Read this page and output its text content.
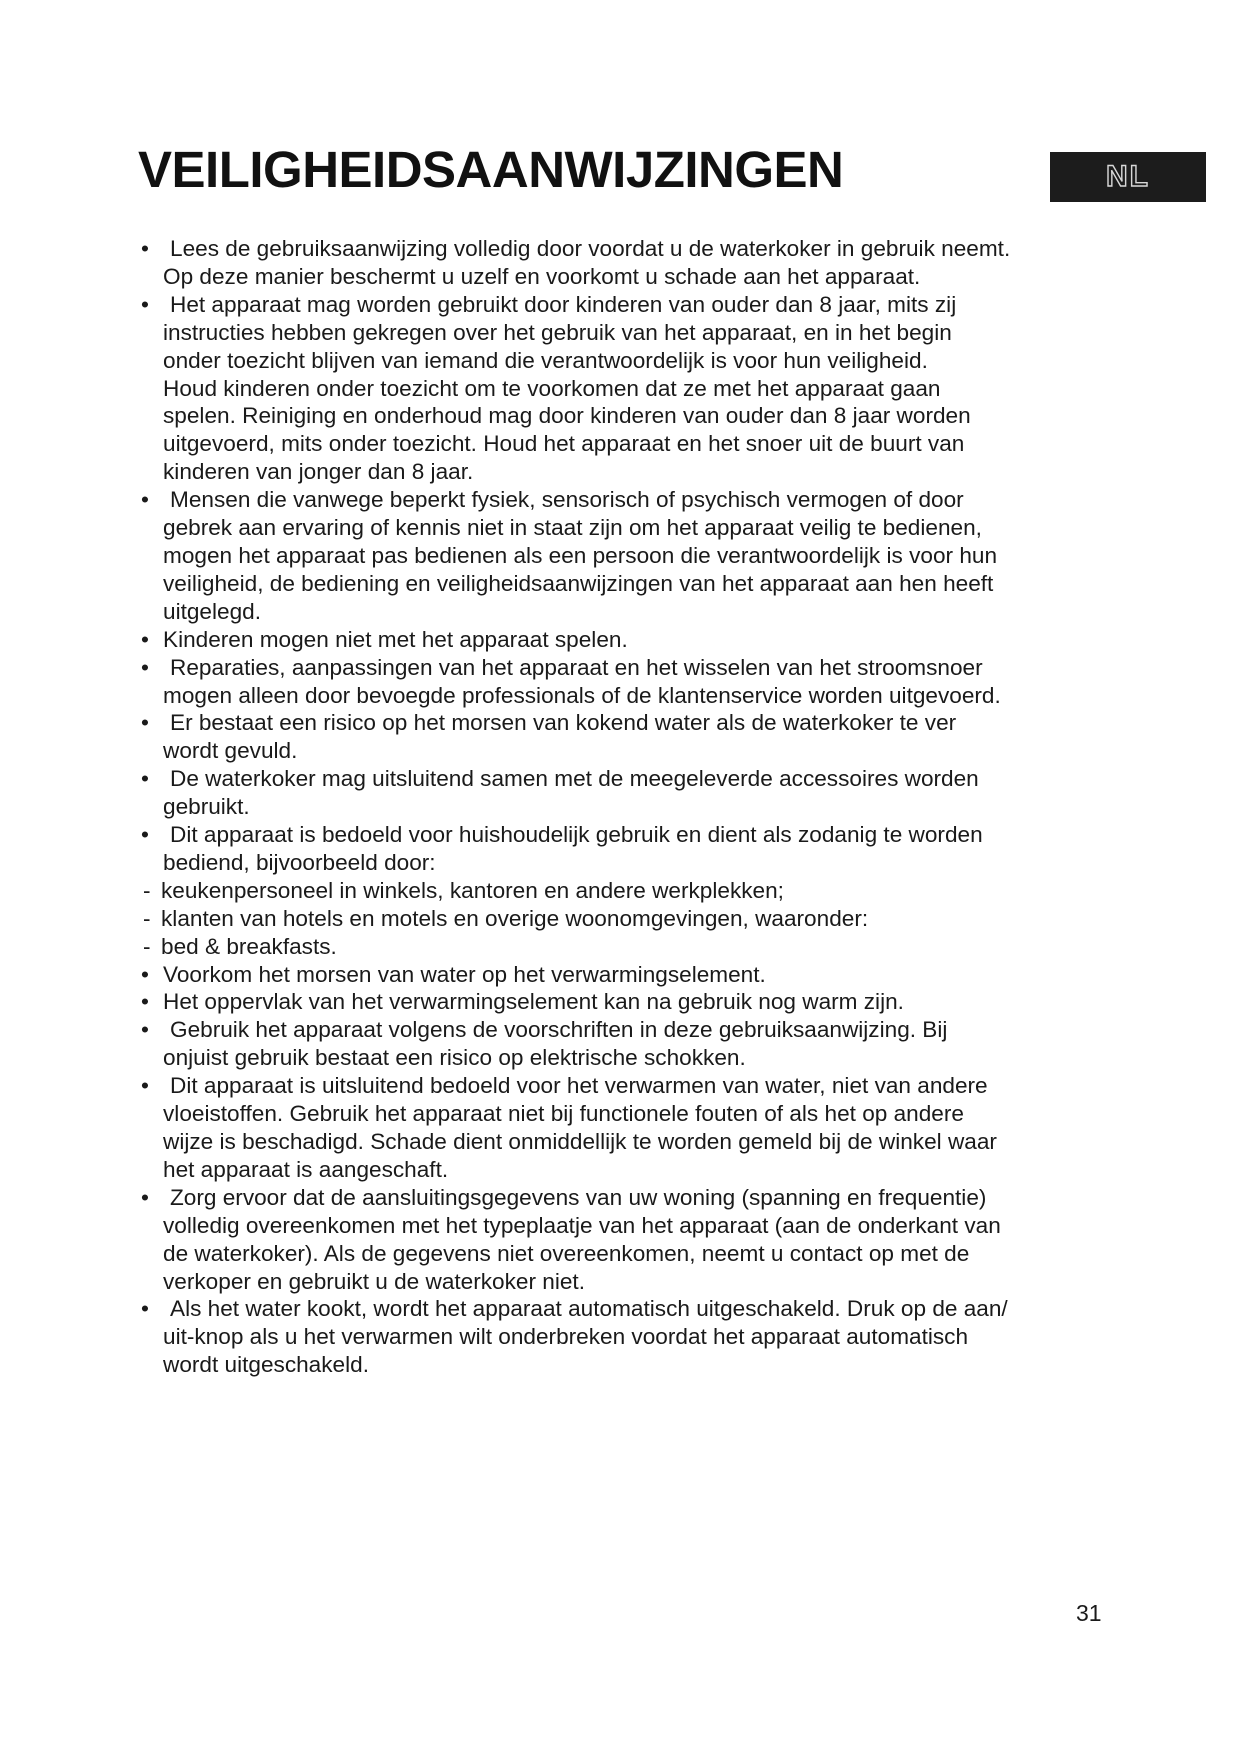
VEILIGHEIDSAANWIJZINGEN	NL
• Lees de gebruiksaanwijzing volledig door voordat u de waterkoker in gebruik neemt.
Op deze manier beschermt u uzelf en voorkomt u schade aan het apparaat.
• Het apparaat mag worden gebruikt door kinderen van ouder dan 8 jaar, mits zij
instructies hebben gekregen over het gebruik van het apparaat, en in het begin
onder toezicht blijven van iemand die verantwoordelijk is voor hun veiligheid.
Houd kinderen onder toezicht om te voorkomen dat ze met het apparaat gaan
spelen. Reiniging en onderhoud mag door kinderen van ouder dan 8 jaar worden
uitgevoerd, mits onder toezicht. Houd het apparaat en het snoer uit de buurt van
kinderen van jonger dan 8 jaar.
• Mensen die vanwege beperkt fysiek, sensorisch of psychisch vermogen of door
gebrek aan ervaring of kennis niet in staat zijn om het apparaat veilig te bedienen,
mogen het apparaat pas bedienen als een persoon die verantwoordelijk is voor hun
veiligheid, de bediening en veiligheidsaanwijzingen van het apparaat aan hen heeft
uitgelegd.
• Kinderen mogen niet met het apparaat spelen.
• Reparaties, aanpassingen van het apparaat en het wisselen van het stroomsnoer
mogen alleen door bevoegde professionals of de klantenservice worden uitgevoerd.
• Er bestaat een risico op het morsen van kokend water als de waterkoker te ver
wordt gevuld.
• De waterkoker mag uitsluitend samen met de meegeleverde accessoires worden
gebruikt.
• Dit apparaat is bedoeld voor huishoudelijk gebruik en dient als zodanig te worden
bediend, bijvoorbeeld door:
- keukenpersoneel in winkels, kantoren en andere werkplekken;
- klanten van hotels en motels en overige woonomgevingen, waaronder:
- bed & breakfasts.
• Voorkom het morsen van water op het verwarmingselement.
• Het oppervlak van het verwarmingselement kan na gebruik nog warm zijn.
• Gebruik het apparaat volgens de voorschriften in deze gebruiksaanwijzing. Bij
onjuist gebruik bestaat een risico op elektrische schokken.
• Dit apparaat is uitsluitend bedoeld voor het verwarmen van water, niet van andere
vloeistoffen. Gebruik het apparaat niet bij functionele fouten of als het op andere
wijze is beschadigd. Schade dient onmiddellijk te worden gemeld bij de winkel waar
het apparaat is aangeschaft.
• Zorg ervoor dat de aansluitingsgegevens van uw woning (spanning en frequentie)
volledig overeenkomen met het typeplaatje van het apparaat (aan de onderkant van
de waterkoker). Als de gegevens niet overeenkomen, neemt u contact op met de
verkoper en gebruikt u de waterkoker niet.
• Als het water kookt, wordt het apparaat automatisch uitgeschakeld. Druk op de aan/
uit-knop als u het verwarmen wilt onderbreken voordat het apparaat automatisch
wordt uitgeschakeld.
31
